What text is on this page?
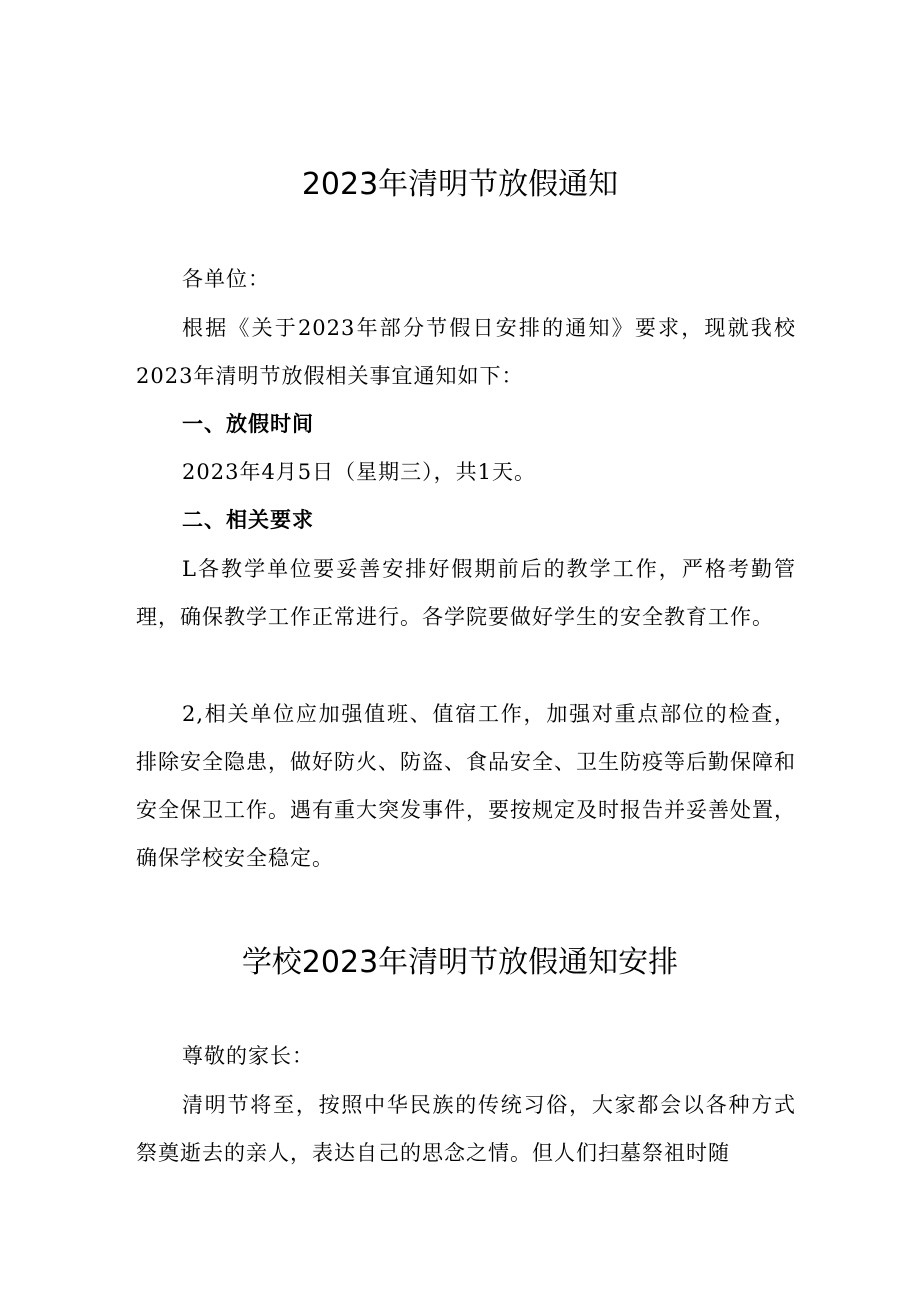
2023年清明节放假通知

各单位：

根据《关于2023年部分节假日安排的通知》要求，现就我校2023年清明节放假相关事宜通知如下：

一、放假时间

2023年4月5日（星期三），共1天。

二、相关要求

L各教学单位要妥善安排好假期前后的教学工作，严格考勤管理，确保教学工作正常进行。各学院要做好学生的安全教育工作。

2,相关单位应加强值班、值宿工作，加强对重点部位的检查，排除安全隐患，做好防火、防盗、食品安全、卫生防疫等后勤保障和安全保卫工作。遇有重大突发事件，要按规定及时报告并妥善处置，确保学校安全稳定。

学校2023年清明节放假通知安排

尊敬的家长：

清明节将至，按照中华民族的传统习俗，大家都会以各种方式祭奠逝去的亲人，表达自己的思念之情。但人们扫墓祭祖时随
